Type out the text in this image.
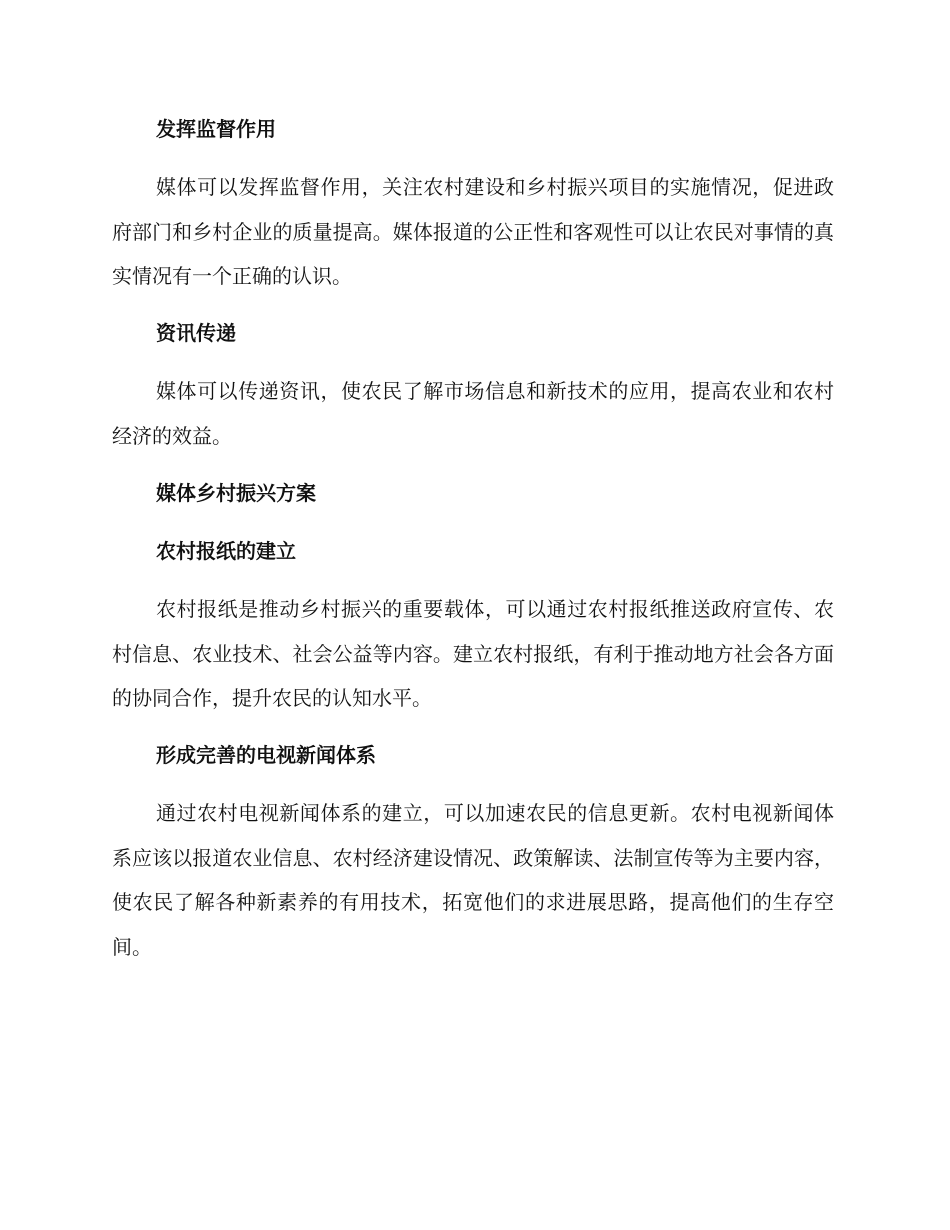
发挥监督作用

媒体可以发挥监督作用，关注农村建设和乡村振兴项目的实施情况，促进政府部门和乡村企业的质量提高。媒体报道的公正性和客观性可以让农民对事情的真实情况有一个正确的认识。

资讯传递

媒体可以传递资讯，使农民了解市场信息和新技术的应用，提高农业和农村经济的效益。

媒体乡村振兴方案
农村报纸的建立

农村报纸是推动乡村振兴的重要载体，可以通过农村报纸推送政府宣传、农村信息、农业技术、社会公益等内容。建立农村报纸，有利于推动地方社会各方面的协同合作，提升农民的认知水平。

形成完善的电视新闻体系

通过农村电视新闻体系的建立，可以加速农民的信息更新。农村电视新闻体系应该以报道农业信息、农村经济建设情况、政策解读、法制宣传等为主要内容，使农民了解各种新素养的有用技术，拓宽他们的求进展思路，提高他们的生存空间。
